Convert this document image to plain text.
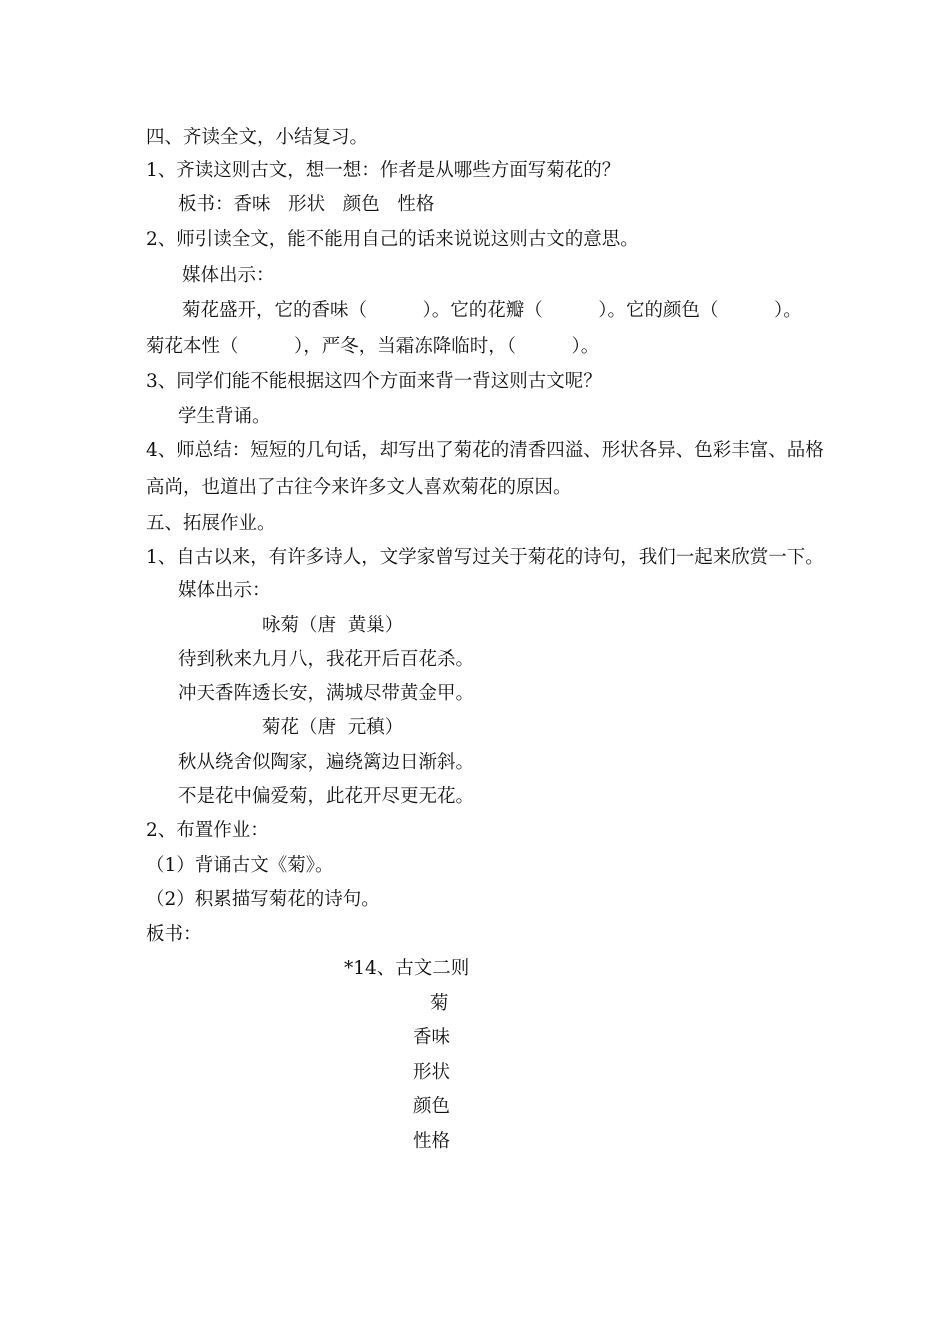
四、齐读全文，小结复习。
1、齐读这则古文，想一想：作者是从哪些方面写菊花的？
板书：香味   形状   颜色   性格
2、师引读全文，能不能用自己的话来说说这则古文的意思。
媒体出示：
菊花盛开，它的香味（　　　）。它的花瓣（　　　）。它的颜色（　　　）。
菊花本性（　　　），严冬，当霜冻降临时，（　　　）。
3、同学们能不能根据这四个方面来背一背这则古文呢？
学生背诵。
4、师总结：短短的几句话，却写出了菊花的清香四溢、形状各异、色彩丰富、品格
高尚，也道出了古往今来许多文人喜欢菊花的原因。
五、拓展作业。
1、自古以来，有许多诗人，文学家曾写过关于菊花的诗句，我们一起来欣赏一下。
媒体出示：
咏菊（唐  黄巢）
待到秋来九月八，我花开后百花杀。
冲天香阵透长安，满城尽带黄金甲。
菊花（唐  元稹）
秋从绕舍似陶家，遍绕篱边日渐斜。
不是花中偏爱菊，此花开尽更无花。
2、布置作业：
（1）背诵古文《菊》。
（2）积累描写菊花的诗句。
板书：
*14、古文二则
菊
香味
形状
颜色
性格
